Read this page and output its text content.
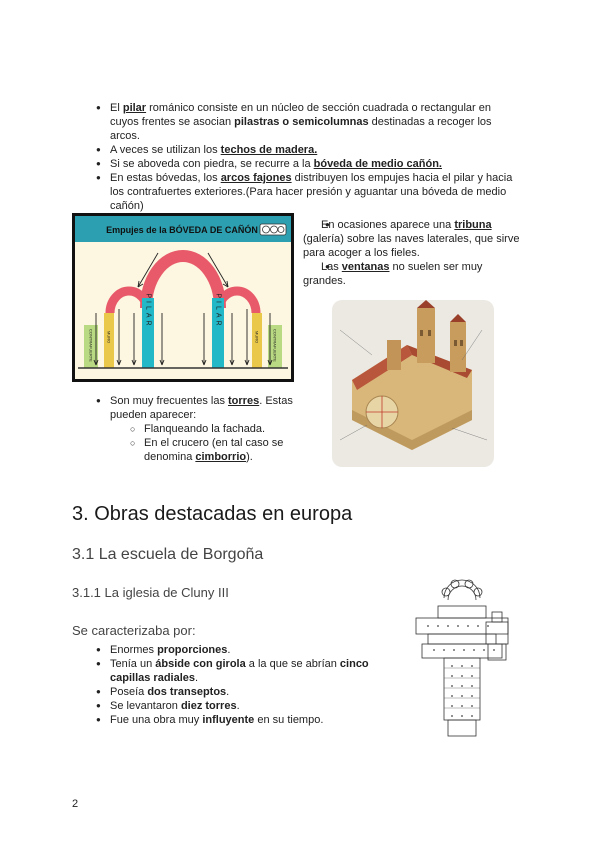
● El pilar románico consiste en un núcleo de sección cuadrada o rectangular en cuyos frentes se asocian pilastras o semicolumnas destinadas a recoger los arcos.
● A veces se utilizan los techos de madera.
● Si se abovedа con piedra, se recurre a la bóveda de medio cañón.
● En estas bóvedas, los arcos fajones distribuyen los empujes hacia el pilar y hacia los contrafuertes exteriores.(Para hacer presión y aguantar una bóveda de medio cañón)
Empujes de la BÓVEDA DE CAÑÓN
PILAR	PILAR
CONTRAFUERTE	CONTRAFUERTE
MURO	MURO
● En ocasiones aparece una tribuna (galería) sobre las naves laterales, que sirve para acoger a los fieles.
● Las ventanas no suelen ser muy grandes.
● Son muy frecuentes las torres. Estas pueden aparecer:
○ Flanqueando la fachada.
○ En el crucero (en tal caso se denomina cimborrio).
3. Obras destacadas en europa
3.1 La escuela de Borgoña
3.1.1 La iglesia de Cluny III
Se caracterizaba por:
● Enormes proporciones.
● Tenía un ábside con girola a la que se abrían cinco capillas radiales.
● Poseía dos transeptos.
● Se levantaron diez torres.
● Fue una obra muy influyente en su tiempo.
2
